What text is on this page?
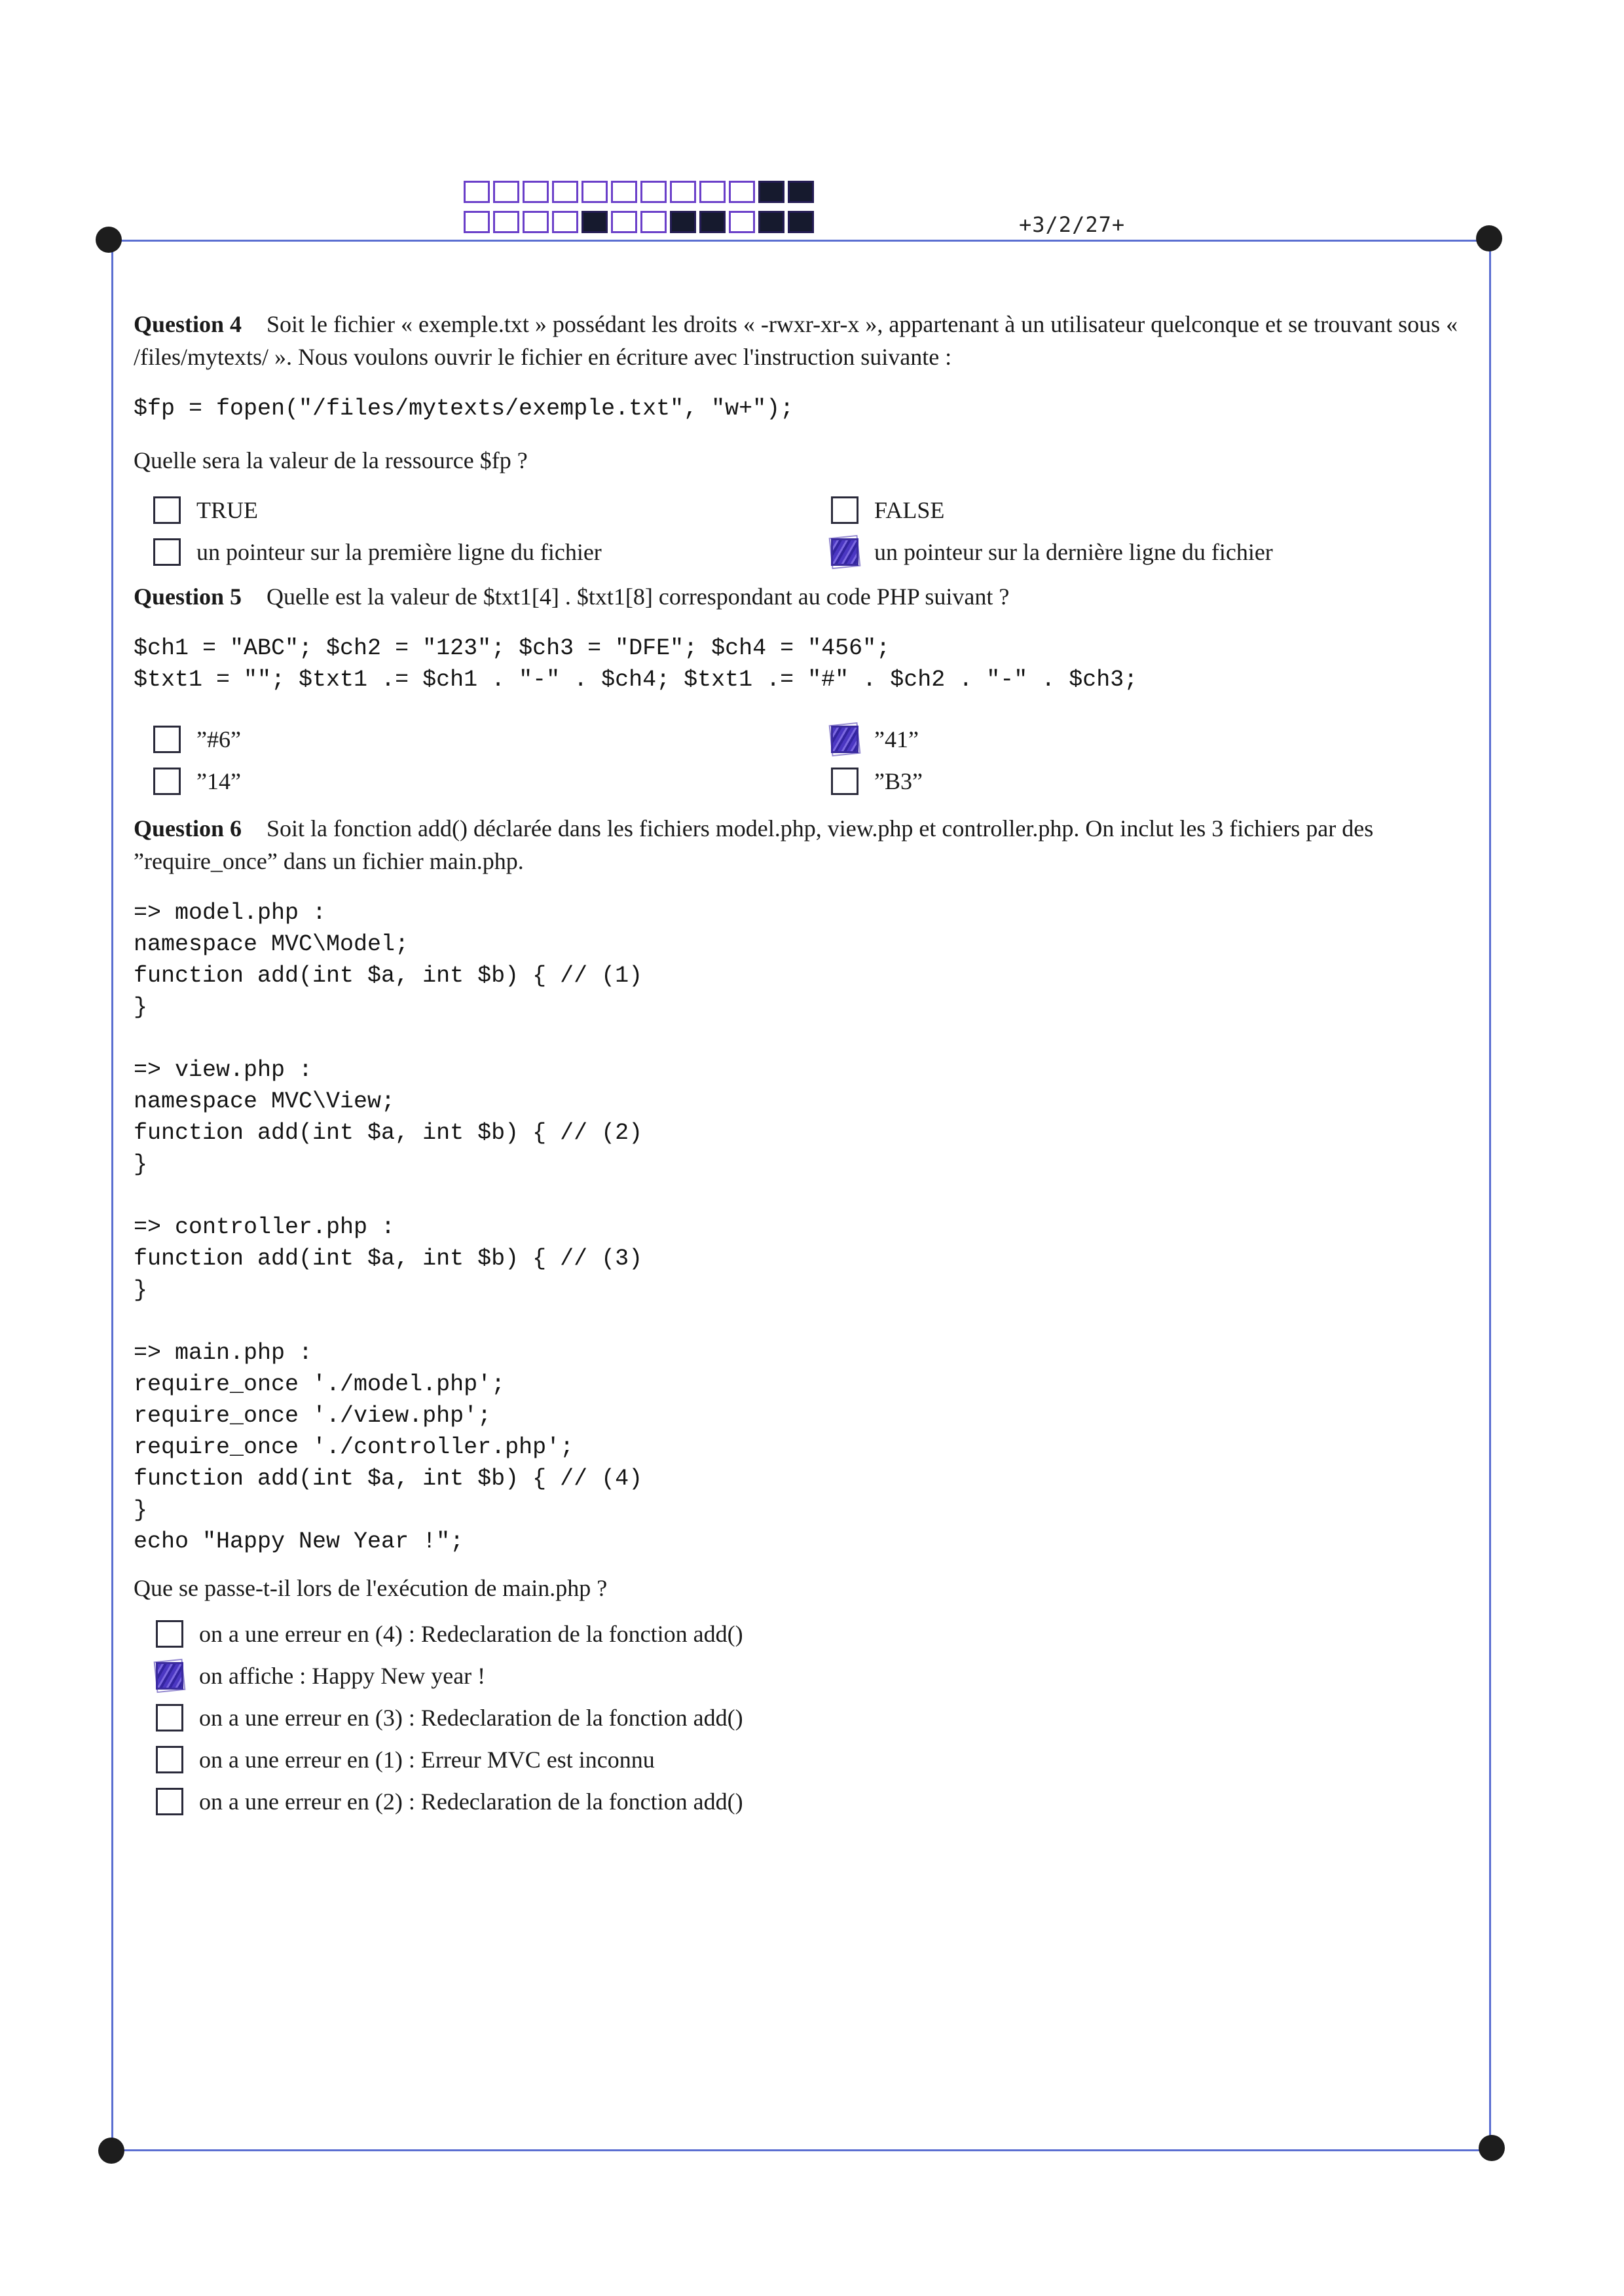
+3/2/27+

Question 4 Soit le fichier « exemple.txt » possédant les droits « -rwxr-xr-x », appartenant à un utilisateur quelconque et se trouvant sous « /files/mytexts/ ». Nous voulons ouvrir le fichier en écriture avec l'instruction suivante :

$fp = fopen("/files/mytexts/exemple.txt", "w+");

Quelle sera la valeur de la ressource $fp ?

TRUE	FALSE
un pointeur sur la première ligne du fichier	un pointeur sur la dernière ligne du fichier

Question 5 Quelle est la valeur de $txt1[4] . $txt1[8] correspondant au code PHP suivant ?

$ch1 = "ABC"; $ch2 = "123"; $ch3 = "DFE"; $ch4 = "456";
$txt1 = ""; $txt1 .= $ch1 . "-" . $ch4; $txt1 .= "#" . $ch2 . "-" . $ch3;
”#6”	”41”
”14”	”B3”

Question 6 Soit la fonction add() déclarée dans les fichiers model.php, view.php et controller.php. On inclut les 3 fichiers par des ”require_once” dans un fichier main.php.

=> model.php :
namespace MVC\Model;
function add(int $a, int $b) { // (1)
}

=> view.php :
namespace MVC\View;
function add(int $a, int $b) { // (2)
}

=> controller.php :
function add(int $a, int $b) { // (3)
}

=> main.php :
require_once './model.php';
require_once './view.php';
require_once './controller.php';
function add(int $a, int $b) { // (4)
}
echo "Happy New Year !";

Que se passe-t-il lors de l'exécution de main.php ?

on a une erreur en (4) : Redeclaration de la fonction add()
on affiche : Happy New year !
on a une erreur en (3) : Redeclaration de la fonction add()
on a une erreur en (1) : Erreur MVC est inconnu
on a une erreur en (2) : Redeclaration de la fonction add()
